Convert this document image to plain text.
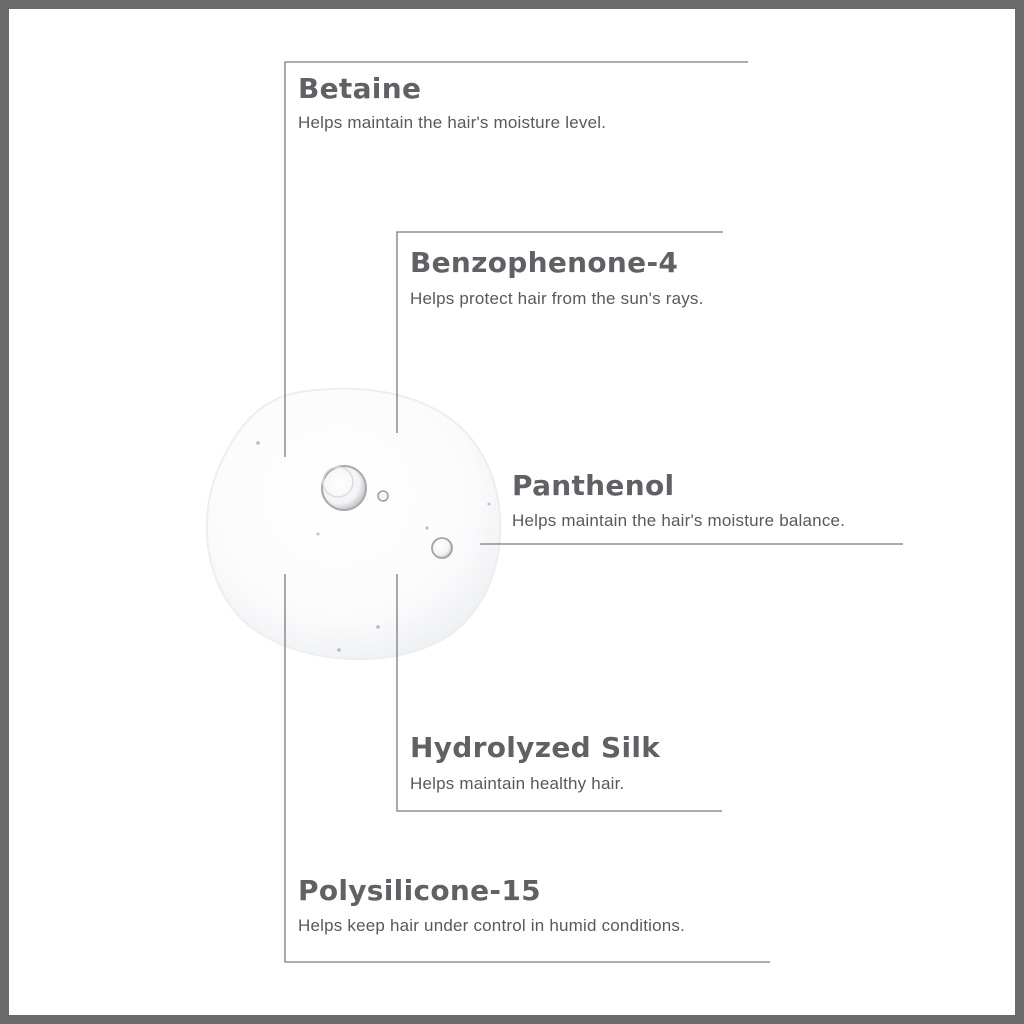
Betaine
Helps maintain the hair's moisture level.
Benzophenone-4
Helps protect hair from the sun's rays.
Panthenol
Helps maintain the hair's moisture balance.
Hydrolyzed Silk
Helps maintain healthy hair.
Polysilicone-15
Helps keep hair under control in humid conditions.
